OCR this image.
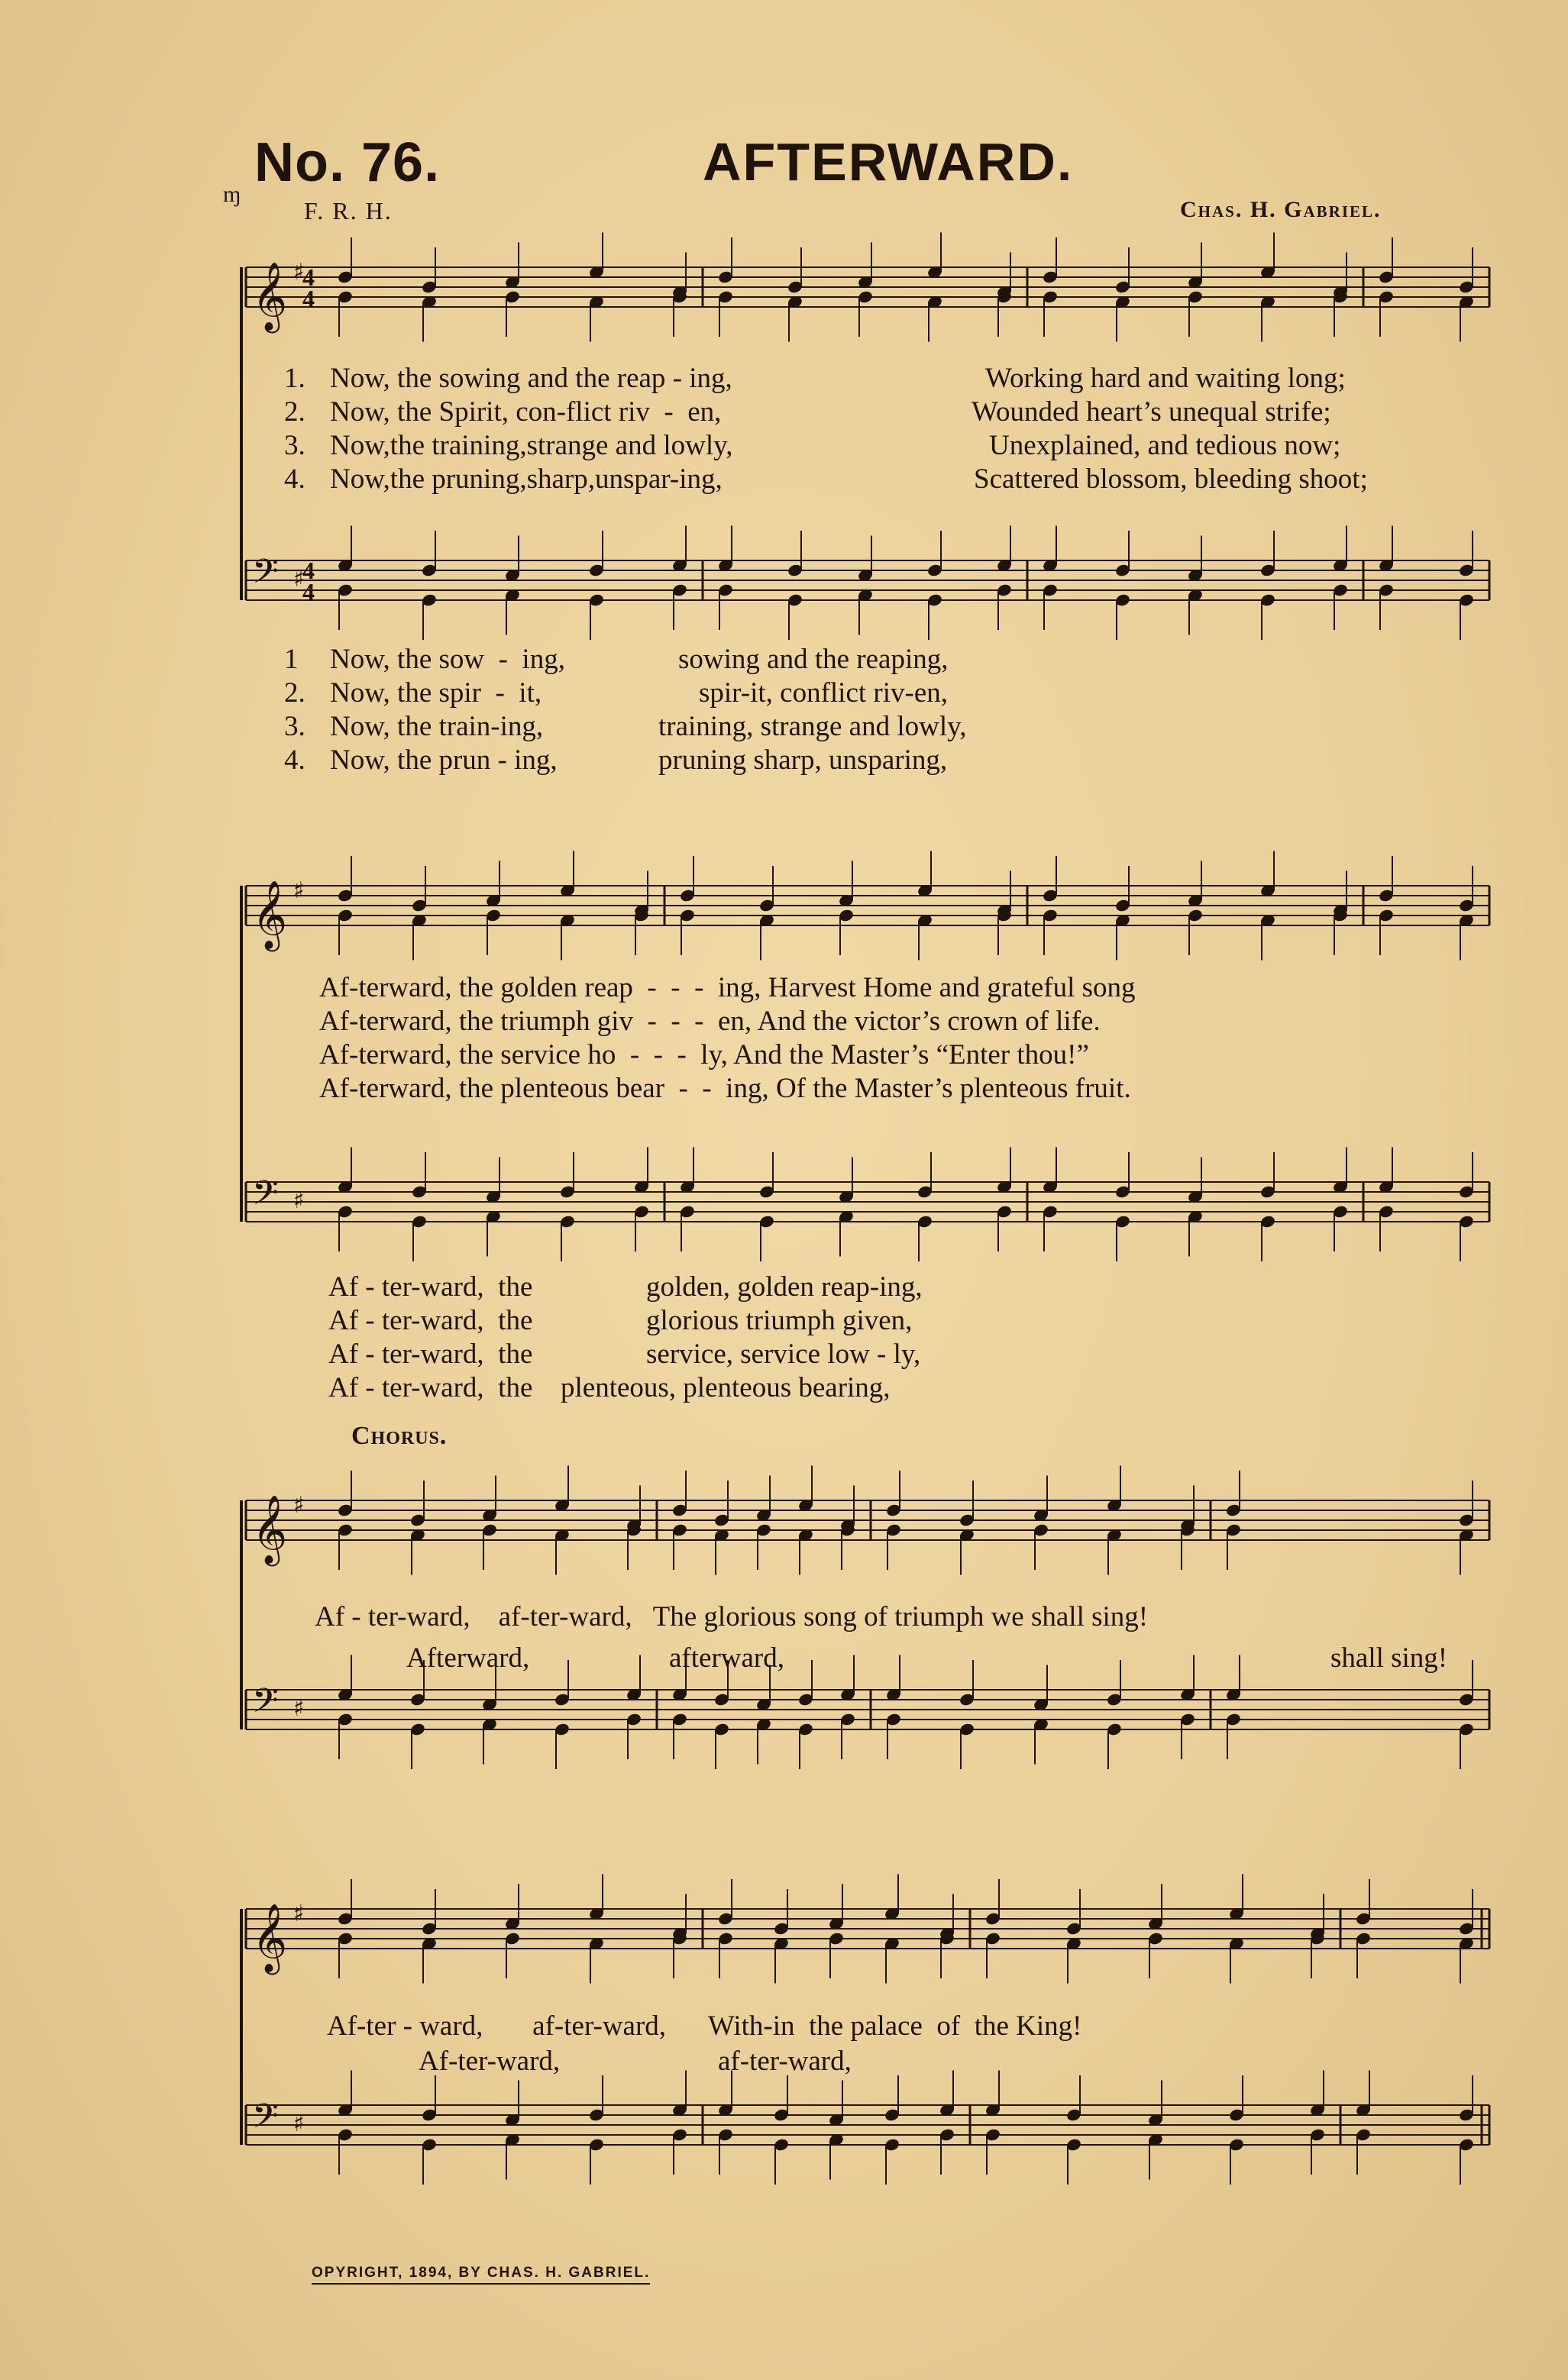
No. 76.	AFTERWARD.
ɱ
F. R. H.	Chas. H. Gabriel.
𝄞 ♯
4
4
𝄢 ♯
4
4
𝄞 ♯
𝄢 ♯
𝄞 ♯
𝄢 ♯
𝄞 ♯
𝄢 ♯
1. Now, the sowing and the reap - ing,	Working hard and waiting long;
2. Now, the Spirit, con-flict riv  -  en,	Wounded heart’s unequal strife;
3. Now,the training,strange and lowly,	Unexplained, and tedious now;
4. Now,the pruning,sharp,unspar-ing,	Scattered blossom, bleeding shoot;
1 Now, the sow  -  ing,	sowing and the reaping,
2. Now, the spir  -  it,	spir-it, conflict riv-en,
3. Now, the train-ing,	training, strange and lowly,
4. Now, the prun - ing,	pruning sharp, unsparing,
Af-terward, the golden reap  -  -  -  ing, Harvest Home and grateful song
Af-terward, the triumph giv  -  -  -  en, And the victor’s crown of life.
Af-terward, the service ho  -  -  -  ly, And the Master’s “Enter thou!”
Af-terward, the plenteous bear  -  -  ing, Of the Master’s plenteous fruit.
Af - ter-ward,  the	golden, golden reap-ing,
Af - ter-ward,  the	glorious triumph given,
Af - ter-ward,  the	service, service low - ly,
Af - ter-ward,  the plenteous, plenteous bearing,
Chorus.
Af - ter-ward,    af-ter-ward,   The glorious song of triumph we shall sing!
Afterward,	afterward,	shall sing!
Af-ter - ward,       af-ter-ward,      With-in  the palace  of  the King!
Af-ter-ward,	af-ter-ward,
OPYRIGHT, 1894, BY CHAS. H. GABRIEL.
